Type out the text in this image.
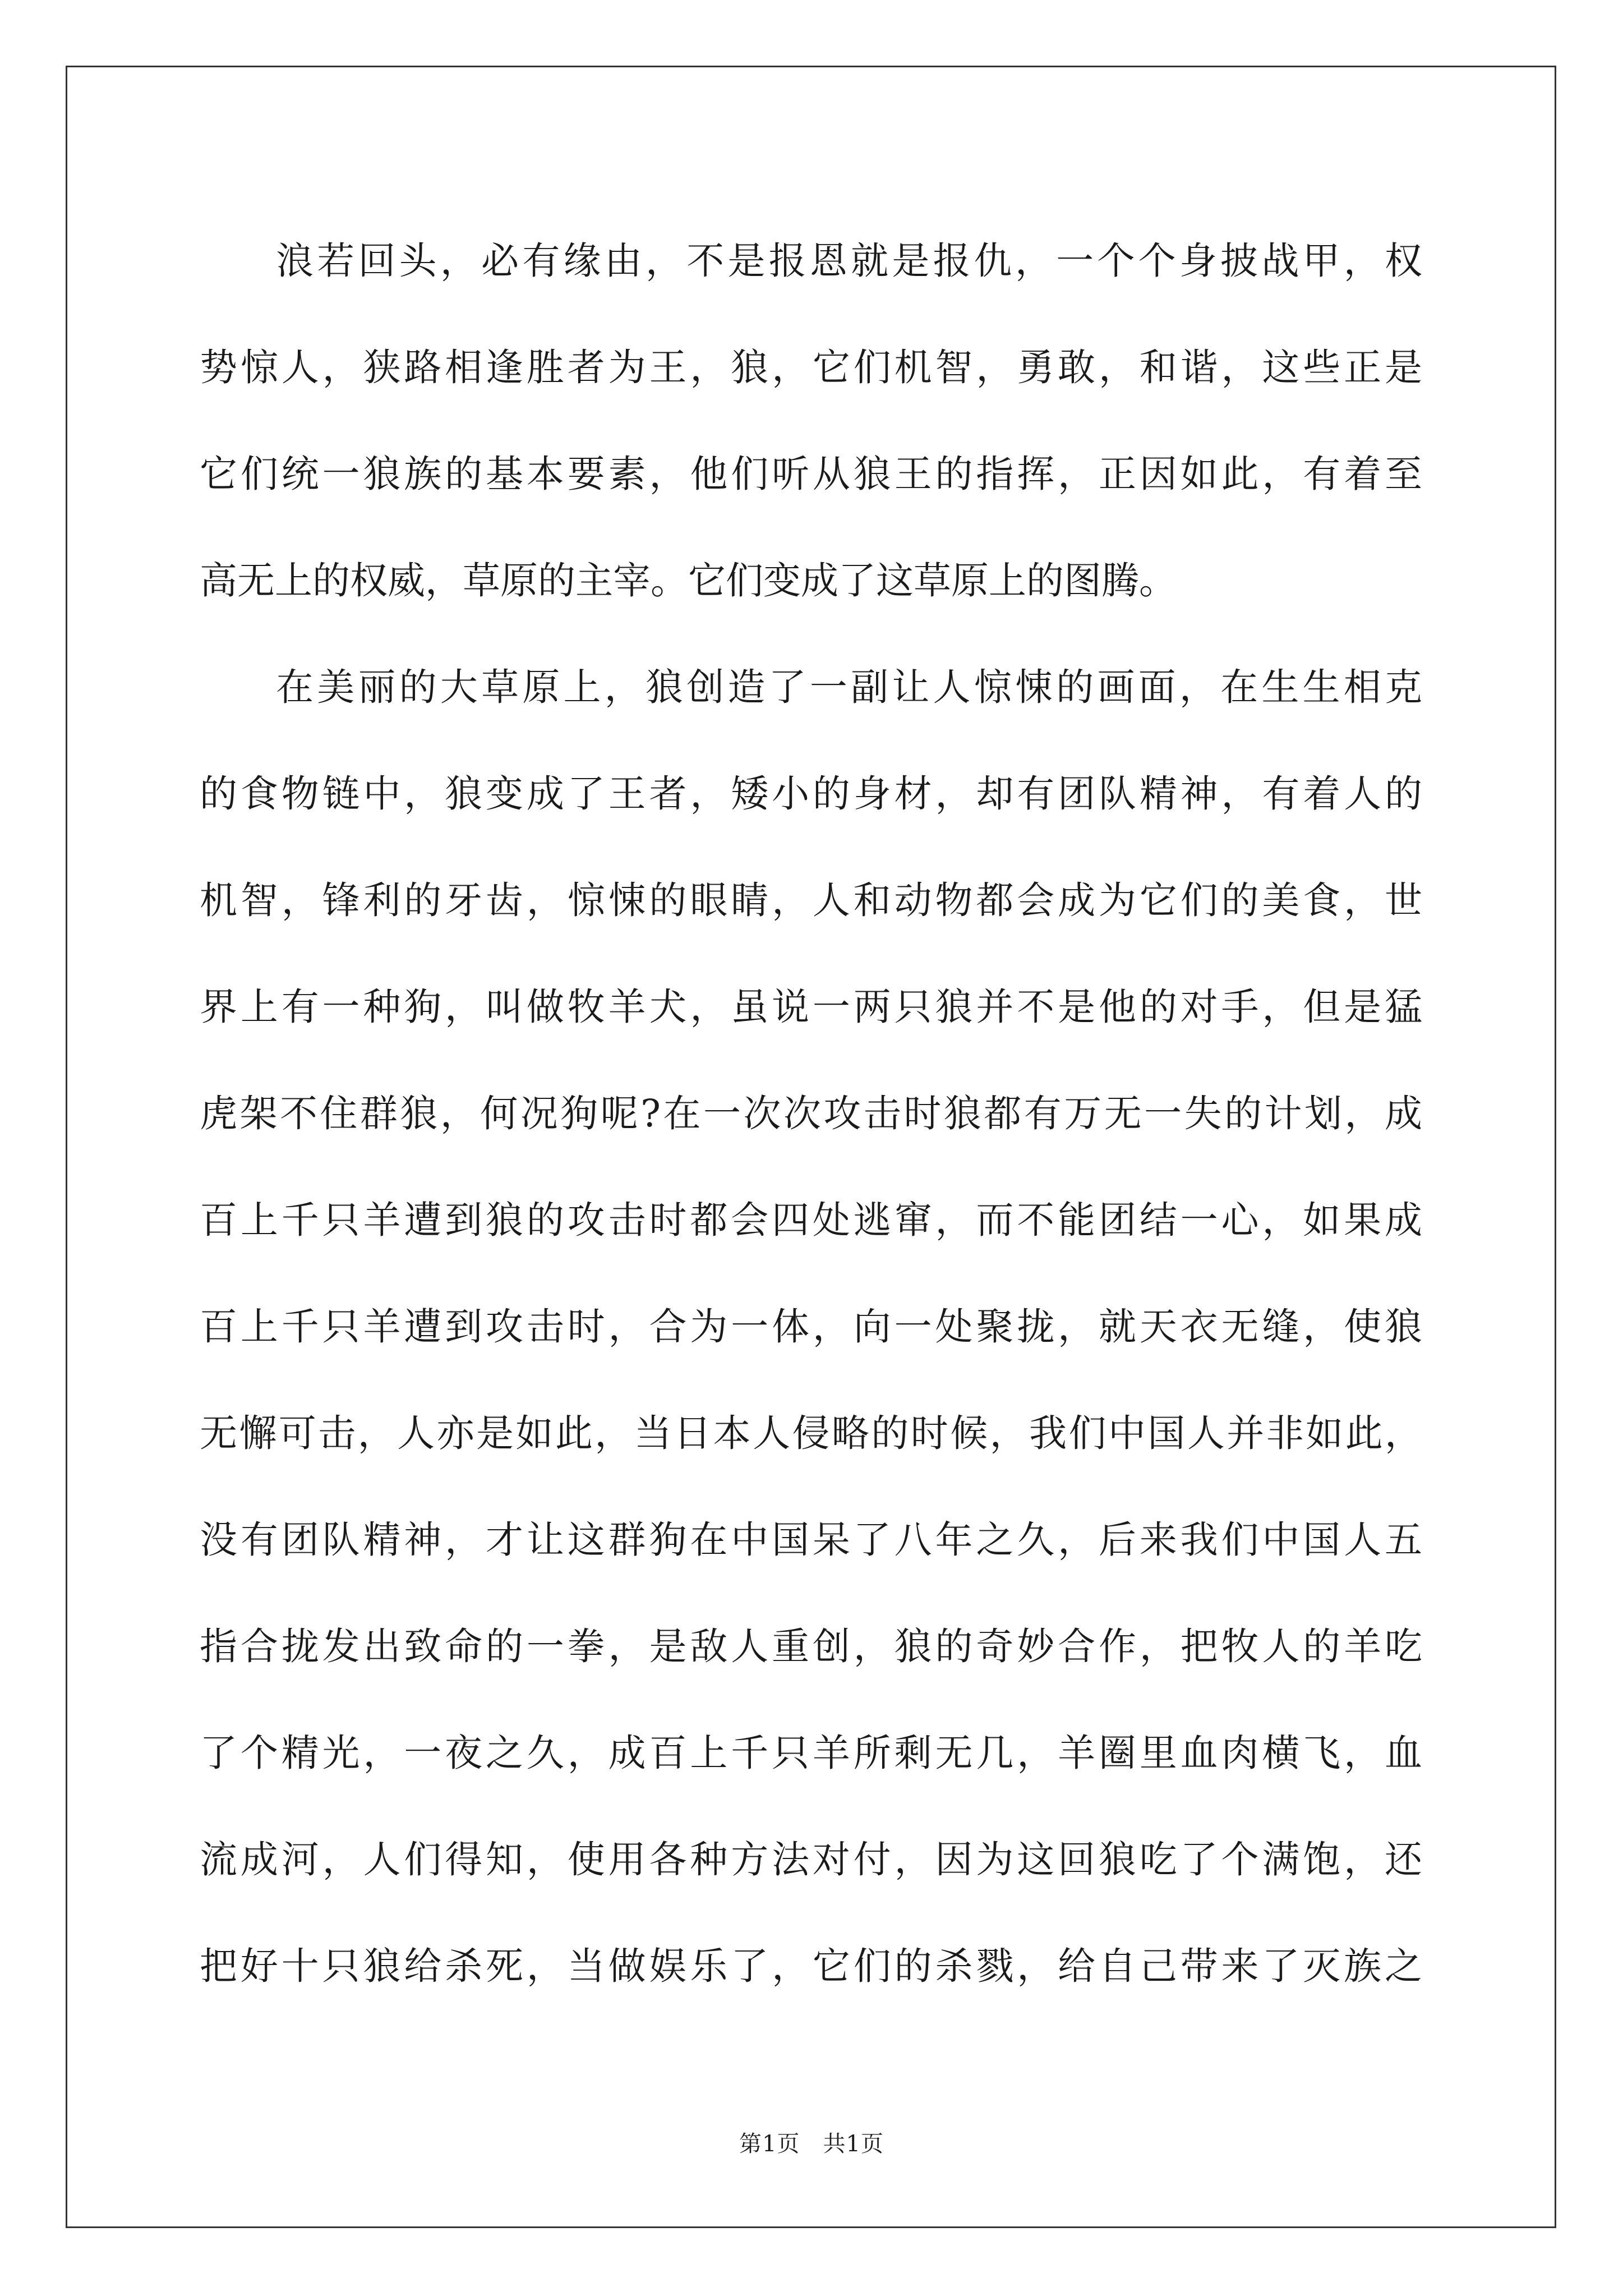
浪若回头，必有缘由，不是报恩就是报仇，一个个身披战甲，权
势惊人，狭路相逢胜者为王，狼，它们机智，勇敢，和谐，这些正是
它们统一狼族的基本要素，他们听从狼王的指挥，正因如此，有着至
高无上的权威，草原的主宰。它们变成了这草原上的图腾。
在美丽的大草原上，狼创造了一副让人惊悚的画面，在生生相克
的食物链中，狼变成了王者，矮小的身材，却有团队精神，有着人的
机智，锋利的牙齿，惊悚的眼睛，人和动物都会成为它们的美食，世
界上有一种狗，叫做牧羊犬，虽说一两只狼并不是他的对手，但是猛
虎架不住群狼，何况狗呢?在一次次攻击时狼都有万无一失的计划，成
百上千只羊遭到狼的攻击时都会四处逃窜，而不能团结一心，如果成
百上千只羊遭到攻击时，合为一体，向一处聚拢，就天衣无缝，使狼
无懈可击，人亦是如此，当日本人侵略的时候，我们中国人并非如此，
没有团队精神，才让这群狗在中国呆了八年之久，后来我们中国人五
指合拢发出致命的一拳，是敌人重创，狼的奇妙合作，把牧人的羊吃
了个精光，一夜之久，成百上千只羊所剩无几，羊圈里血肉横飞，血
流成河，人们得知，使用各种方法对付，因为这回狼吃了个满饱，还
把好十只狼给杀死，当做娱乐了，它们的杀戮，给自己带来了灭族之
第1页　共1页
